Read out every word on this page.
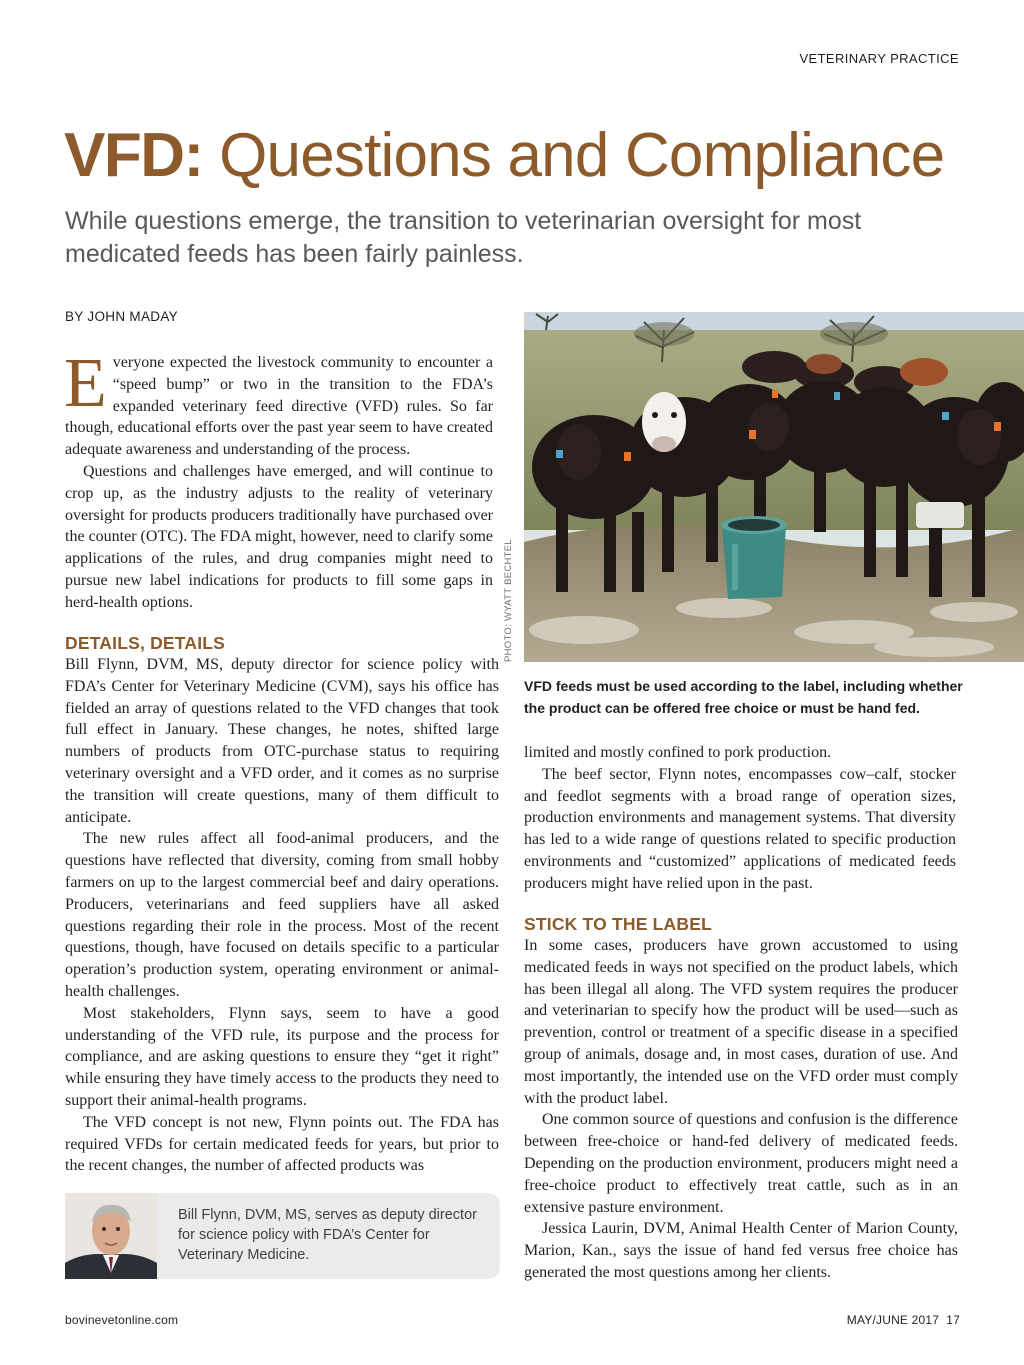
VETERINARY PRACTICE
VFD: Questions and Compliance
While questions emerge, the transition to veterinarian oversight for most medicated feeds has been fairly painless.
BY JOHN MADAY

Everyone expected the livestock community to encounter a “speed bump” or two in the transition to the FDA’s expanded veterinary feed directive (VFD) rules. So far though, educational efforts over the past year seem to have created adequate awareness and understanding of the process.

Questions and challenges have emerged, and will continue to crop up, as the industry adjusts to the reality of veterinary oversight for products producers traditionally have purchased over the counter (OTC). The FDA might, however, need to clarify some applications of the rules, and drug companies might need to pursue new label indications for products to fill some gaps in herd-health options.

DETAILS, DETAILS

Bill Flynn, DVM, MS, deputy director for science policy with FDA’s Center for Veterinary Medicine (CVM), says his office has fielded an array of questions related to the VFD changes that took full effect in January. These changes, he notes, shifted large numbers of products from OTC-purchase status to requiring veterinary oversight and a VFD order, and it comes as no surprise the transition will create questions, many of them difficult to anticipate.

The new rules affect all food-animal producers, and the questions have reflected that diversity, coming from small hobby farmers on up to the largest commercial beef and dairy operations. Producers, veterinarians and feed suppliers have all asked questions regarding their role in the process. Most of the recent questions, though, have focused on details specific to a particular operation’s production system, operating environment or animal-health challenges.

Most stakeholders, Flynn says, seem to have a good understanding of the VFD rule, its purpose and the process for compliance, and are asking questions to ensure they “get it right” while ensuring they have timely access to the products they need to support their animal-health programs.

The VFD concept is not new, Flynn points out. The FDA has required VFDs for certain medicated feeds for years, but prior to the recent changes, the number of affected products was

PHOTO: WYATT BECHTEL
VFD feeds must be used according to the label, including whether the product can be offered free choice or must be hand fed.

limited and mostly confined to pork production.

The beef sector, Flynn notes, encompasses cow–calf, stocker and feedlot segments with a broad range of operation sizes, production environments and management systems. That diversity has led to a wide range of questions related to specific production environments and “customized” applications of medicated feeds producers might have relied upon in the past.

STICK TO THE LABEL

In some cases, producers have grown accustomed to using medicated feeds in ways not specified on the product labels, which has been illegal all along. The VFD system requires the producer and veterinarian to specify how the product will be used—such as prevention, control or treatment of a specific disease in a specified group of animals, dosage and, in most cases, duration of use. And most importantly, the intended use on the VFD order must comply with the product label.

One common source of questions and confusion is the difference between free-choice or hand-fed delivery of medicated feeds. Depending on the production environment, producers might need a free-choice product to effectively treat cattle, such as in an extensive pasture environment.

Jessica Laurin, DVM, Animal Health Center of Marion County, Marion, Kan., says the issue of hand fed versus free choice has generated the most questions among her clients.

Bill Flynn, DVM, MS, serves as deputy director for science policy with FDA’s Center for Veterinary Medicine.
bovinevetonline.com	MAY/JUNE 2017 17
